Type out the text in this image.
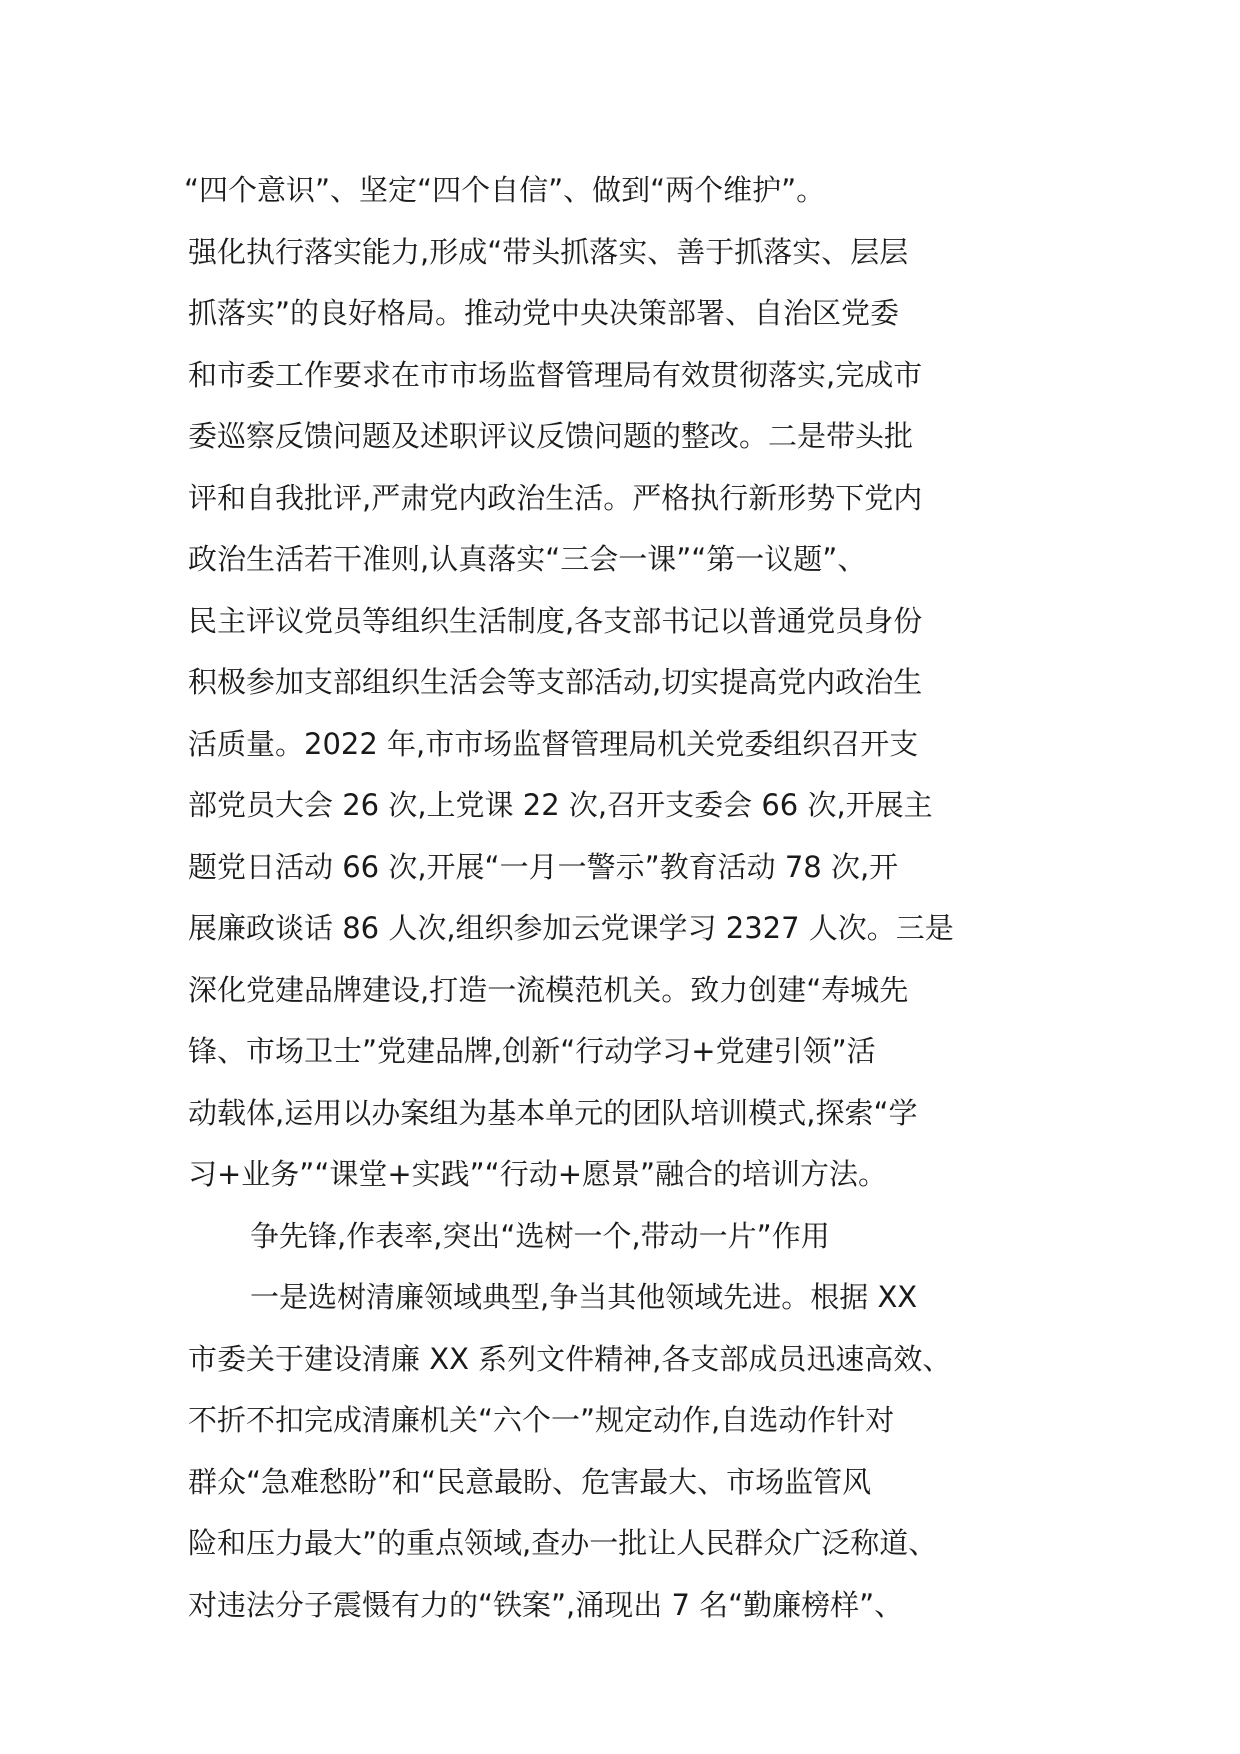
“四个意识”、坚定“四个自信”、做到“两个维护”。
强化执行落实能力,形成“带头抓落实、善于抓落实、层层
抓落实”的良好格局。推动党中央决策部署、自治区党委
和市委工作要求在市市场监督管理局有效贯彻落实,完成市
委巡察反馈问题及述职评议反馈问题的整改。二是带头批
评和自我批评,严肃党内政治生活。严格执行新形势下党内
政治生活若干准则,认真落实“三会一课”“第一议题”、
民主评议党员等组织生活制度,各支部书记以普通党员身份
积极参加支部组织生活会等支部活动,切实提高党内政治生
活质量。2022 年,市市场监督管理局机关党委组织召开支
部党员大会 26 次,上党课 22 次,召开支委会 66 次,开展主
题党日活动 66 次,开展“一月一警示”教育活动 78 次,开
展廉政谈话 86 人次,组织参加云党课学习 2327 人次。三是
深化党建品牌建设,打造一流模范机关。致力创建“寿城先
锋、市场卫士”党建品牌,创新“行动学习+党建引领”活
动载体,运用以办案组为基本单元的团队培训模式,探索“学
习+业务”“课堂+实践”“行动+愿景”融合的培训方法。
争先锋,作表率,突出“选树一个,带动一片”作用
一是选树清廉领域典型,争当其他领域先进。根据 XX
市委关于建设清廉 XX 系列文件精神,各支部成员迅速高效、
不折不扣完成清廉机关“六个一”规定动作,自选动作针对
群众“急难愁盼”和“民意最盼、危害最大、市场监管风
险和压力最大”的重点领域,查办一批让人民群众广泛称道、
对违法分子震慑有力的“铁案”,涌现出 7 名“勤廉榜样”、
